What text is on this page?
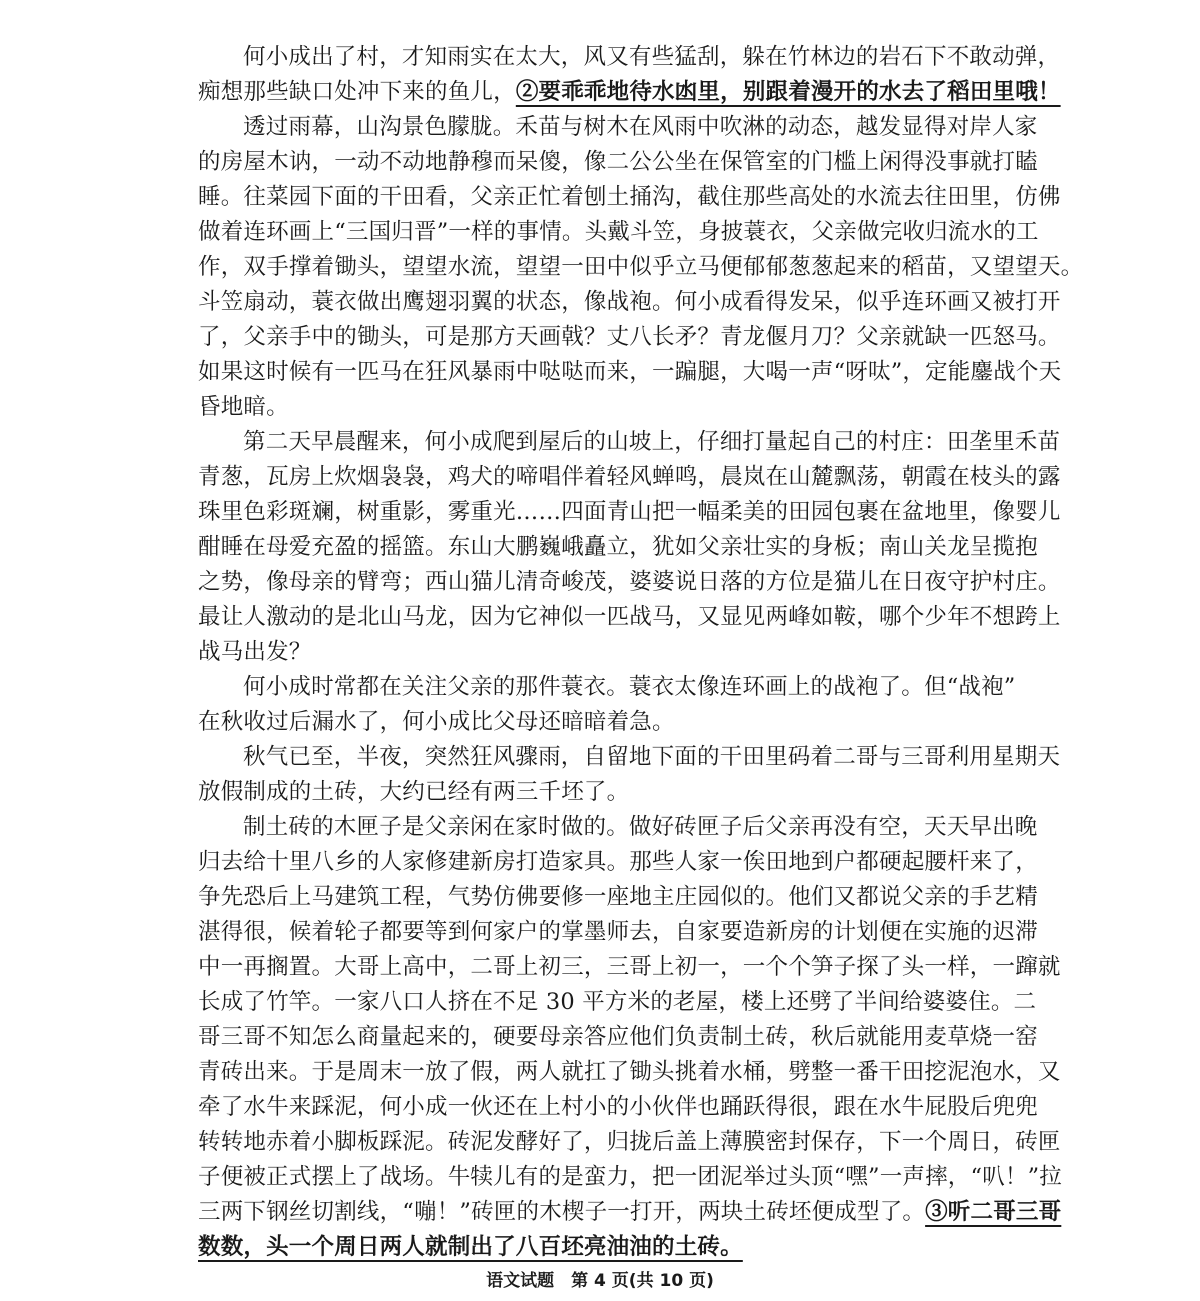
何小成出了村，才知雨实在太大，风又有些猛刮，躲在竹林边的岩石下不敢动弹，
痴想那些缺口处冲下来的鱼儿，②要乖乖地待水凼里，别跟着漫开的水去了稻田里哦！
透过雨幕，山沟景色朦胧。禾苗与树木在风雨中吹淋的动态，越发显得对岸人家
的房屋木讷，一动不动地静穆而呆傻，像二公公坐在保管室的门槛上闲得没事就打瞌
睡。往菜园下面的干田看，父亲正忙着刨土捅沟，截住那些高处的水流去往田里，仿佛
做着连环画上“三国归晋”一样的事情。头戴斗笠，身披蓑衣，父亲做完收归流水的工
作，双手撑着锄头，望望水流，望望一田中似乎立马便郁郁葱葱起来的稻苗，又望望天。
斗笠扇动，蓑衣做出鹰翅羽翼的状态，像战袍。何小成看得发呆，似乎连环画又被打开
了，父亲手中的锄头，可是那方天画戟？丈八长矛？青龙偃月刀？父亲就缺一匹怒马。
如果这时候有一匹马在狂风暴雨中哒哒而来，一蹁腿，大喝一声“呀呔”，定能鏖战个天
昏地暗。
第二天早晨醒来，何小成爬到屋后的山坡上，仔细打量起自己的村庄：田垄里禾苗
青葱，瓦房上炊烟袅袅，鸡犬的啼唱伴着轻风蝉鸣，晨岚在山麓飘荡，朝霞在枝头的露
珠里色彩斑斓，树重影，雾重光……四面青山把一幅柔美的田园包裹在盆地里，像婴儿
酣睡在母爱充盈的摇篮。东山大鹏巍峨矗立，犹如父亲壮实的身板；南山关龙呈揽抱
之势，像母亲的臂弯；西山猫儿清奇峻茂，婆婆说日落的方位是猫儿在日夜守护村庄。
最让人激动的是北山马龙，因为它神似一匹战马，又显见两峰如鞍，哪个少年不想跨上
战马出发？
何小成时常都在关注父亲的那件蓑衣。蓑衣太像连环画上的战袍了。但“战袍”
在秋收过后漏水了，何小成比父母还暗暗着急。
秋气已至，半夜，突然狂风骤雨，自留地下面的干田里码着二哥与三哥利用星期天
放假制成的土砖，大约已经有两三千坯了。
制土砖的木匣子是父亲闲在家时做的。做好砖匣子后父亲再没有空，天天早出晚
归去给十里八乡的人家修建新房打造家具。那些人家一俟田地到户都硬起腰杆来了，
争先恐后上马建筑工程，气势仿佛要修一座地主庄园似的。他们又都说父亲的手艺精
湛得很，候着轮子都要等到何家户的掌墨师去，自家要造新房的计划便在实施的迟滞
中一再搁置。大哥上高中，二哥上初三，三哥上初一，一个个笋子探了头一样，一蹿就
长成了竹竿。一家八口人挤在不足 30 平方米的老屋，楼上还劈了半间给婆婆住。二
哥三哥不知怎么商量起来的，硬要母亲答应他们负责制土砖，秋后就能用麦草烧一窑
青砖出来。于是周末一放了假，两人就扛了锄头挑着水桶，劈整一番干田挖泥泡水，又
牵了水牛来踩泥，何小成一伙还在上村小的小伙伴也踊跃得很，跟在水牛屁股后兜兜
转转地赤着小脚板踩泥。砖泥发酵好了，归拢后盖上薄膜密封保存，下一个周日，砖匣
子便被正式摆上了战场。牛犊儿有的是蛮力，把一团泥举过头顶“嘿”一声摔，“叭！”拉
三两下钢丝切割线，“嘣！”砖匣的木楔子一打开，两块土砖坯便成型了。③听二哥三哥
数数，头一个周日两人就制出了八百坯亮油油的土砖。
语文试题　第 4 页(共 10 页)
